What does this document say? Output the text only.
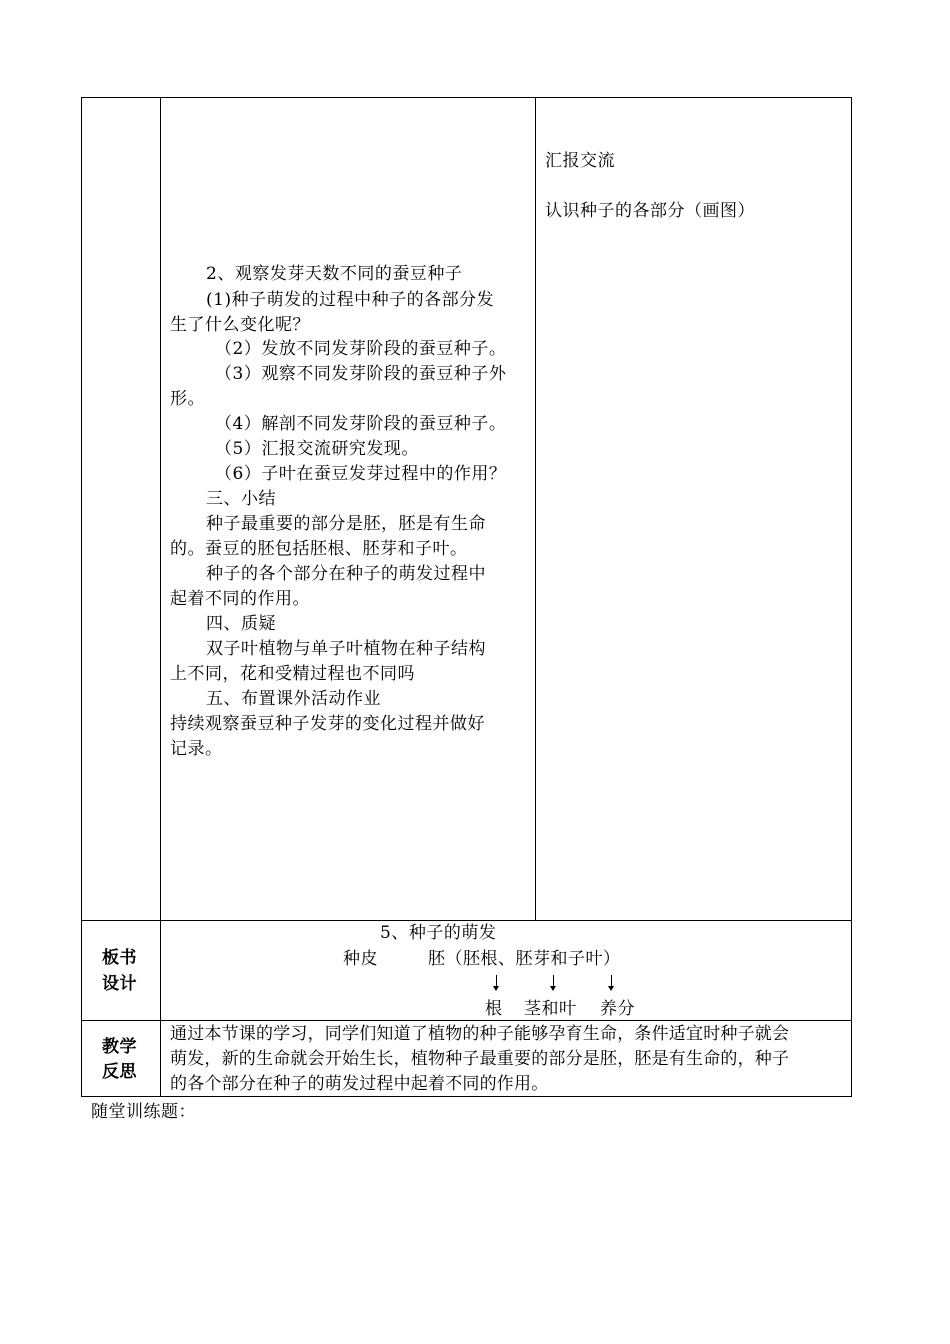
汇报交流
认识种子的各部分（画图）
2、观察发芽天数不同的蚕豆种子
(1)种子萌发的过程中种子的各部分发
生了什么变化呢？
（2）发放不同发芽阶段的蚕豆种子。
（3）观察不同发芽阶段的蚕豆种子外
形。
（4）解剖不同发芽阶段的蚕豆种子。
（5）汇报交流研究发现。
（6）子叶在蚕豆发芽过程中的作用？
三、小结
种子最重要的部分是胚，胚是有生命
的。蚕豆的胚包括胚根、胚芽和子叶。
种子的各个部分在种子的萌发过程中
起着不同的作用。
四、质疑
双子叶植物与单子叶植物在种子结构
上不同，花和受精过程也不同吗
五、布置课外活动作业
持续观察蚕豆种子发芽的变化过程并做好
记录。
板书
设计
5、种子的萌发
种皮	胚（胚根、胚芽和子叶）
根 茎和叶 养分
教学
反思
通过本节课的学习，同学们知道了植物的种子能够孕育生命，条件适宜时种子就会
萌发，新的生命就会开始生长，植物种子最重要的部分是胚，胚是有生命的，种子
的各个部分在种子的萌发过程中起着不同的作用。
随堂训练题：
